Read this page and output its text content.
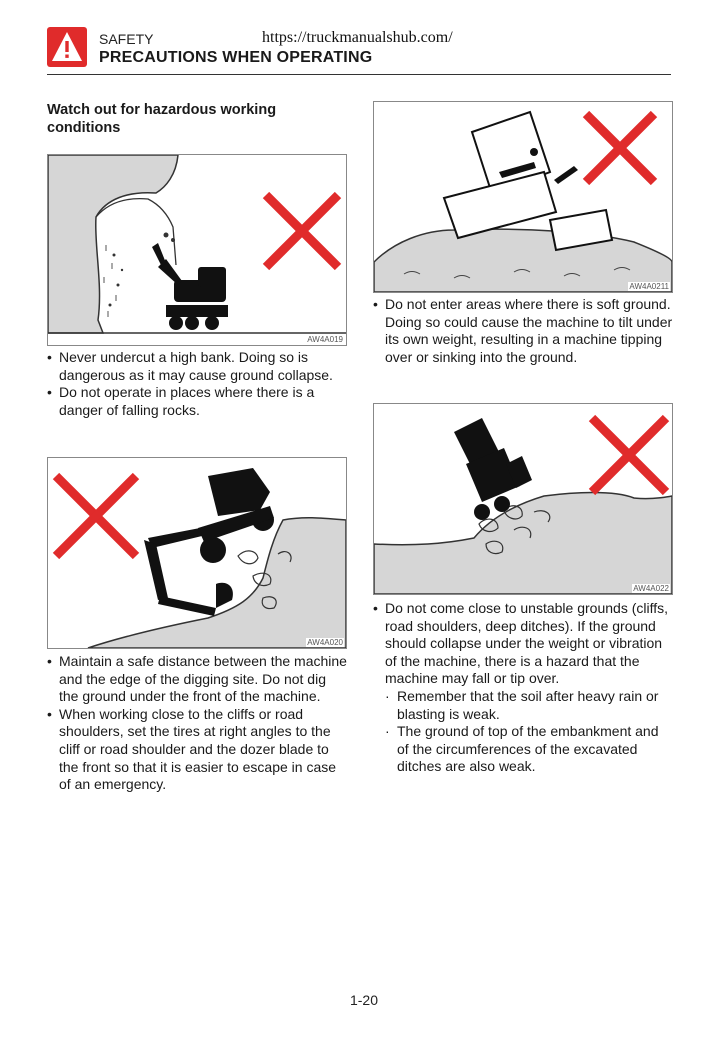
SAFETY	https://truckmanualshub.com/
PRECAUTIONS WHEN OPERATING
Watch out for hazardous working conditions
AW4A019
• Never undercut a high bank. Doing so is dangerous as it may cause ground collapse.
• Do not operate in places where there is a danger of falling rocks.
AW4A020
• Maintain a safe distance between the machine and the edge of the digging site. Do not dig the ground under the front of the machine.
• When working close to the cliffs or road shoulders, set the tires at right angles to the cliff or road shoulder and the dozer blade to the front so that it is easier to escape in case of an emergency.
AW4A0211
• Do not enter areas where there is soft ground. Doing so could cause the machine to tilt under its own weight, resulting in a machine tipping over or sinking into the ground.
AW4A022
• Do not come close to unstable grounds (cliffs, road shoulders, deep ditches). If the ground should collapse under the weight or vibration of the machine, there is a hazard that the machine may fall or tip over.
· Remember that the soil after heavy rain or blasting is weak.
· The ground of top of the embankment and of the circumferences of the excavated ditches are also weak.
1-20
